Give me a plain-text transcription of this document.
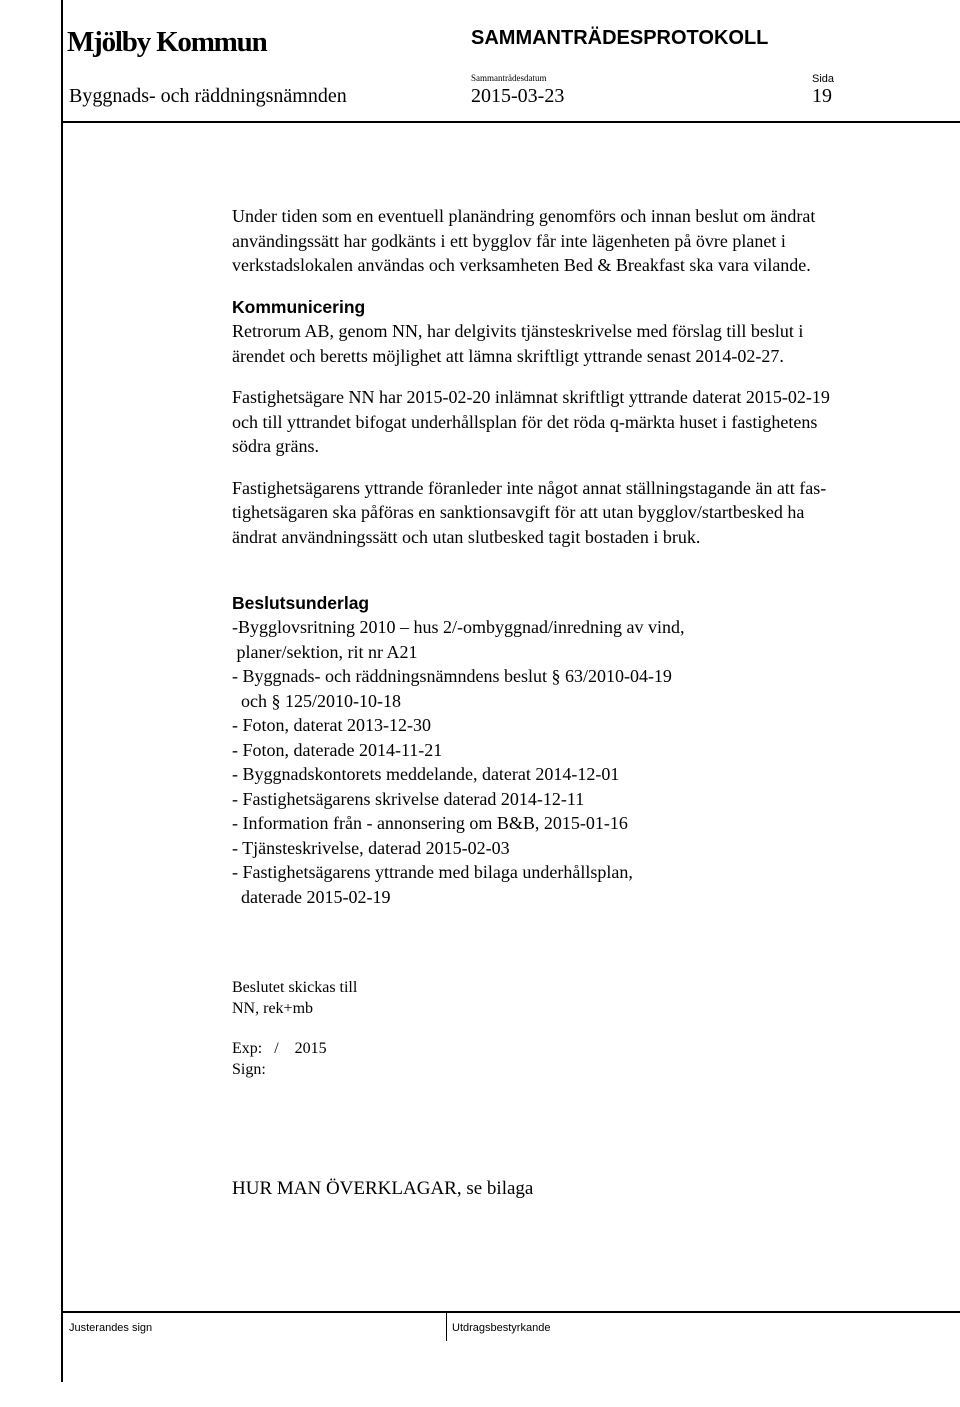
Mjölby Kommun	SAMMANTRÄDESPROTOKOLL
Sammanträdesdatum	Sida
Byggnads- och räddningsnämnden	2015-03-23	19

Under tiden som en eventuell planändring genomförs och innan beslut om ändrat
användingssätt har godkänts i ett bygglov får inte lägenheten på övre planet i
verkstadslokalen användas och verksamheten Bed & Breakfast ska vara vilande.

Kommunicering
Retrorum AB, genom NN, har delgivits tjänsteskrivelse med förslag till beslut i
ärendet och beretts möjlighet att lämna skriftligt yttrande senast 2014-02-27.

Fastighetsägare NN har 2015-02-20 inlämnat skriftligt yttrande daterat 2015-02-19
och till yttrandet bifogat underhållsplan för det röda q-märkta huset i fastighetens
södra gräns.

Fastighetsägarens yttrande föranleder inte något annat ställningstagande än att fas-
tighetsägaren ska påföras en sanktionsavgift för att utan bygglov/startbesked ha
ändrat användningssätt och utan slutbesked tagit bostaden i bruk.

Beslutsunderlag
-Bygglovsritning 2010 – hus 2/-ombyggnad/inredning av vind,
planer/sektion, rit nr A21
- Byggnads- och räddningsnämndens beslut § 63/2010-04-19
och § 125/2010-10-18
- Foton, daterat 2013-12-30
- Foton, daterade 2014-11-21
- Byggnadskontorets meddelande, daterat 2014-12-01
- Fastighetsägarens skrivelse daterad 2014-12-11
- Information från - annonsering om B&B, 2015-01-16
- Tjänsteskrivelse, daterad 2015-02-03
- Fastighetsägarens yttrande med bilaga underhållsplan,
daterade 2015-02-19

Beslutet skickas till
NN, rek+mb
Exp:   /    2015
Sign:
HUR MAN ÖVERKLAGAR, se bilaga
Justerandes sign	Utdragsbestyrkande
